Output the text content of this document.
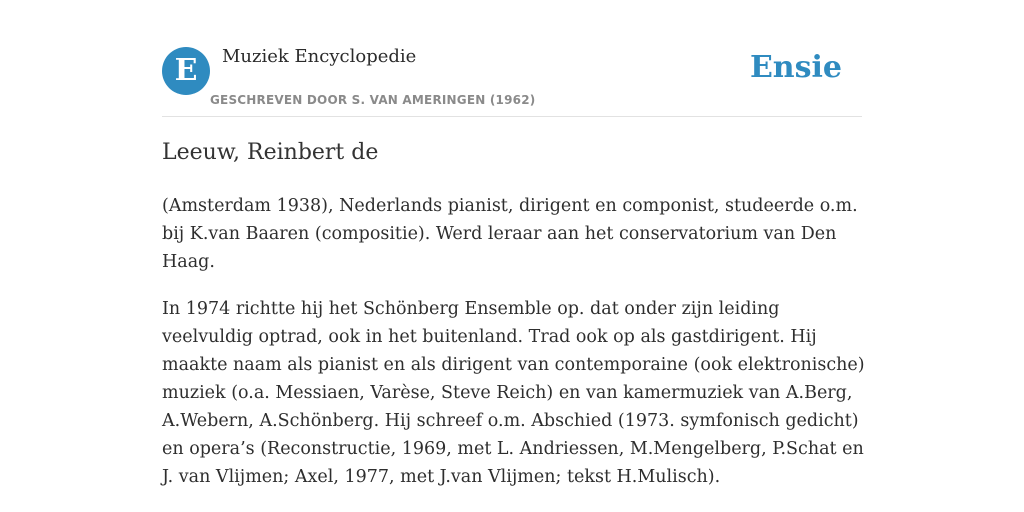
E	Muziek Encyclopedie
GESCHREVEN DOOR S. VAN AMERINGEN (1962)
Ensie
Leeuw, Reinbert de

(Amsterdam 1938), Nederlands pianist, dirigent en componist, studeerde o.m. bij K.van Baaren (compositie). Werd leraar aan het conservatorium van Den Haag.

In 1974 richtte hij het Schönberg Ensemble op. dat onder zijn leiding veelvuldig optrad, ook in het buitenland. Trad ook op als gastdirigent. Hij maakte naam als pianist en als dirigent van contemporaine (ook elektronische) muziek (o.a. Messiaen, Varèse, Steve Reich) en van kamermuziek van A.Berg, A.Webern, A.Schönberg. Hij schreef o.m. Abschied (1973. symfonisch gedicht) en opera’s (Reconstructie, 1969, met L. Andriessen, M.Mengelberg, P.Schat en J. van Vlijmen; Axel, 1977, met J.van Vlijmen; tekst H.Mulisch).
